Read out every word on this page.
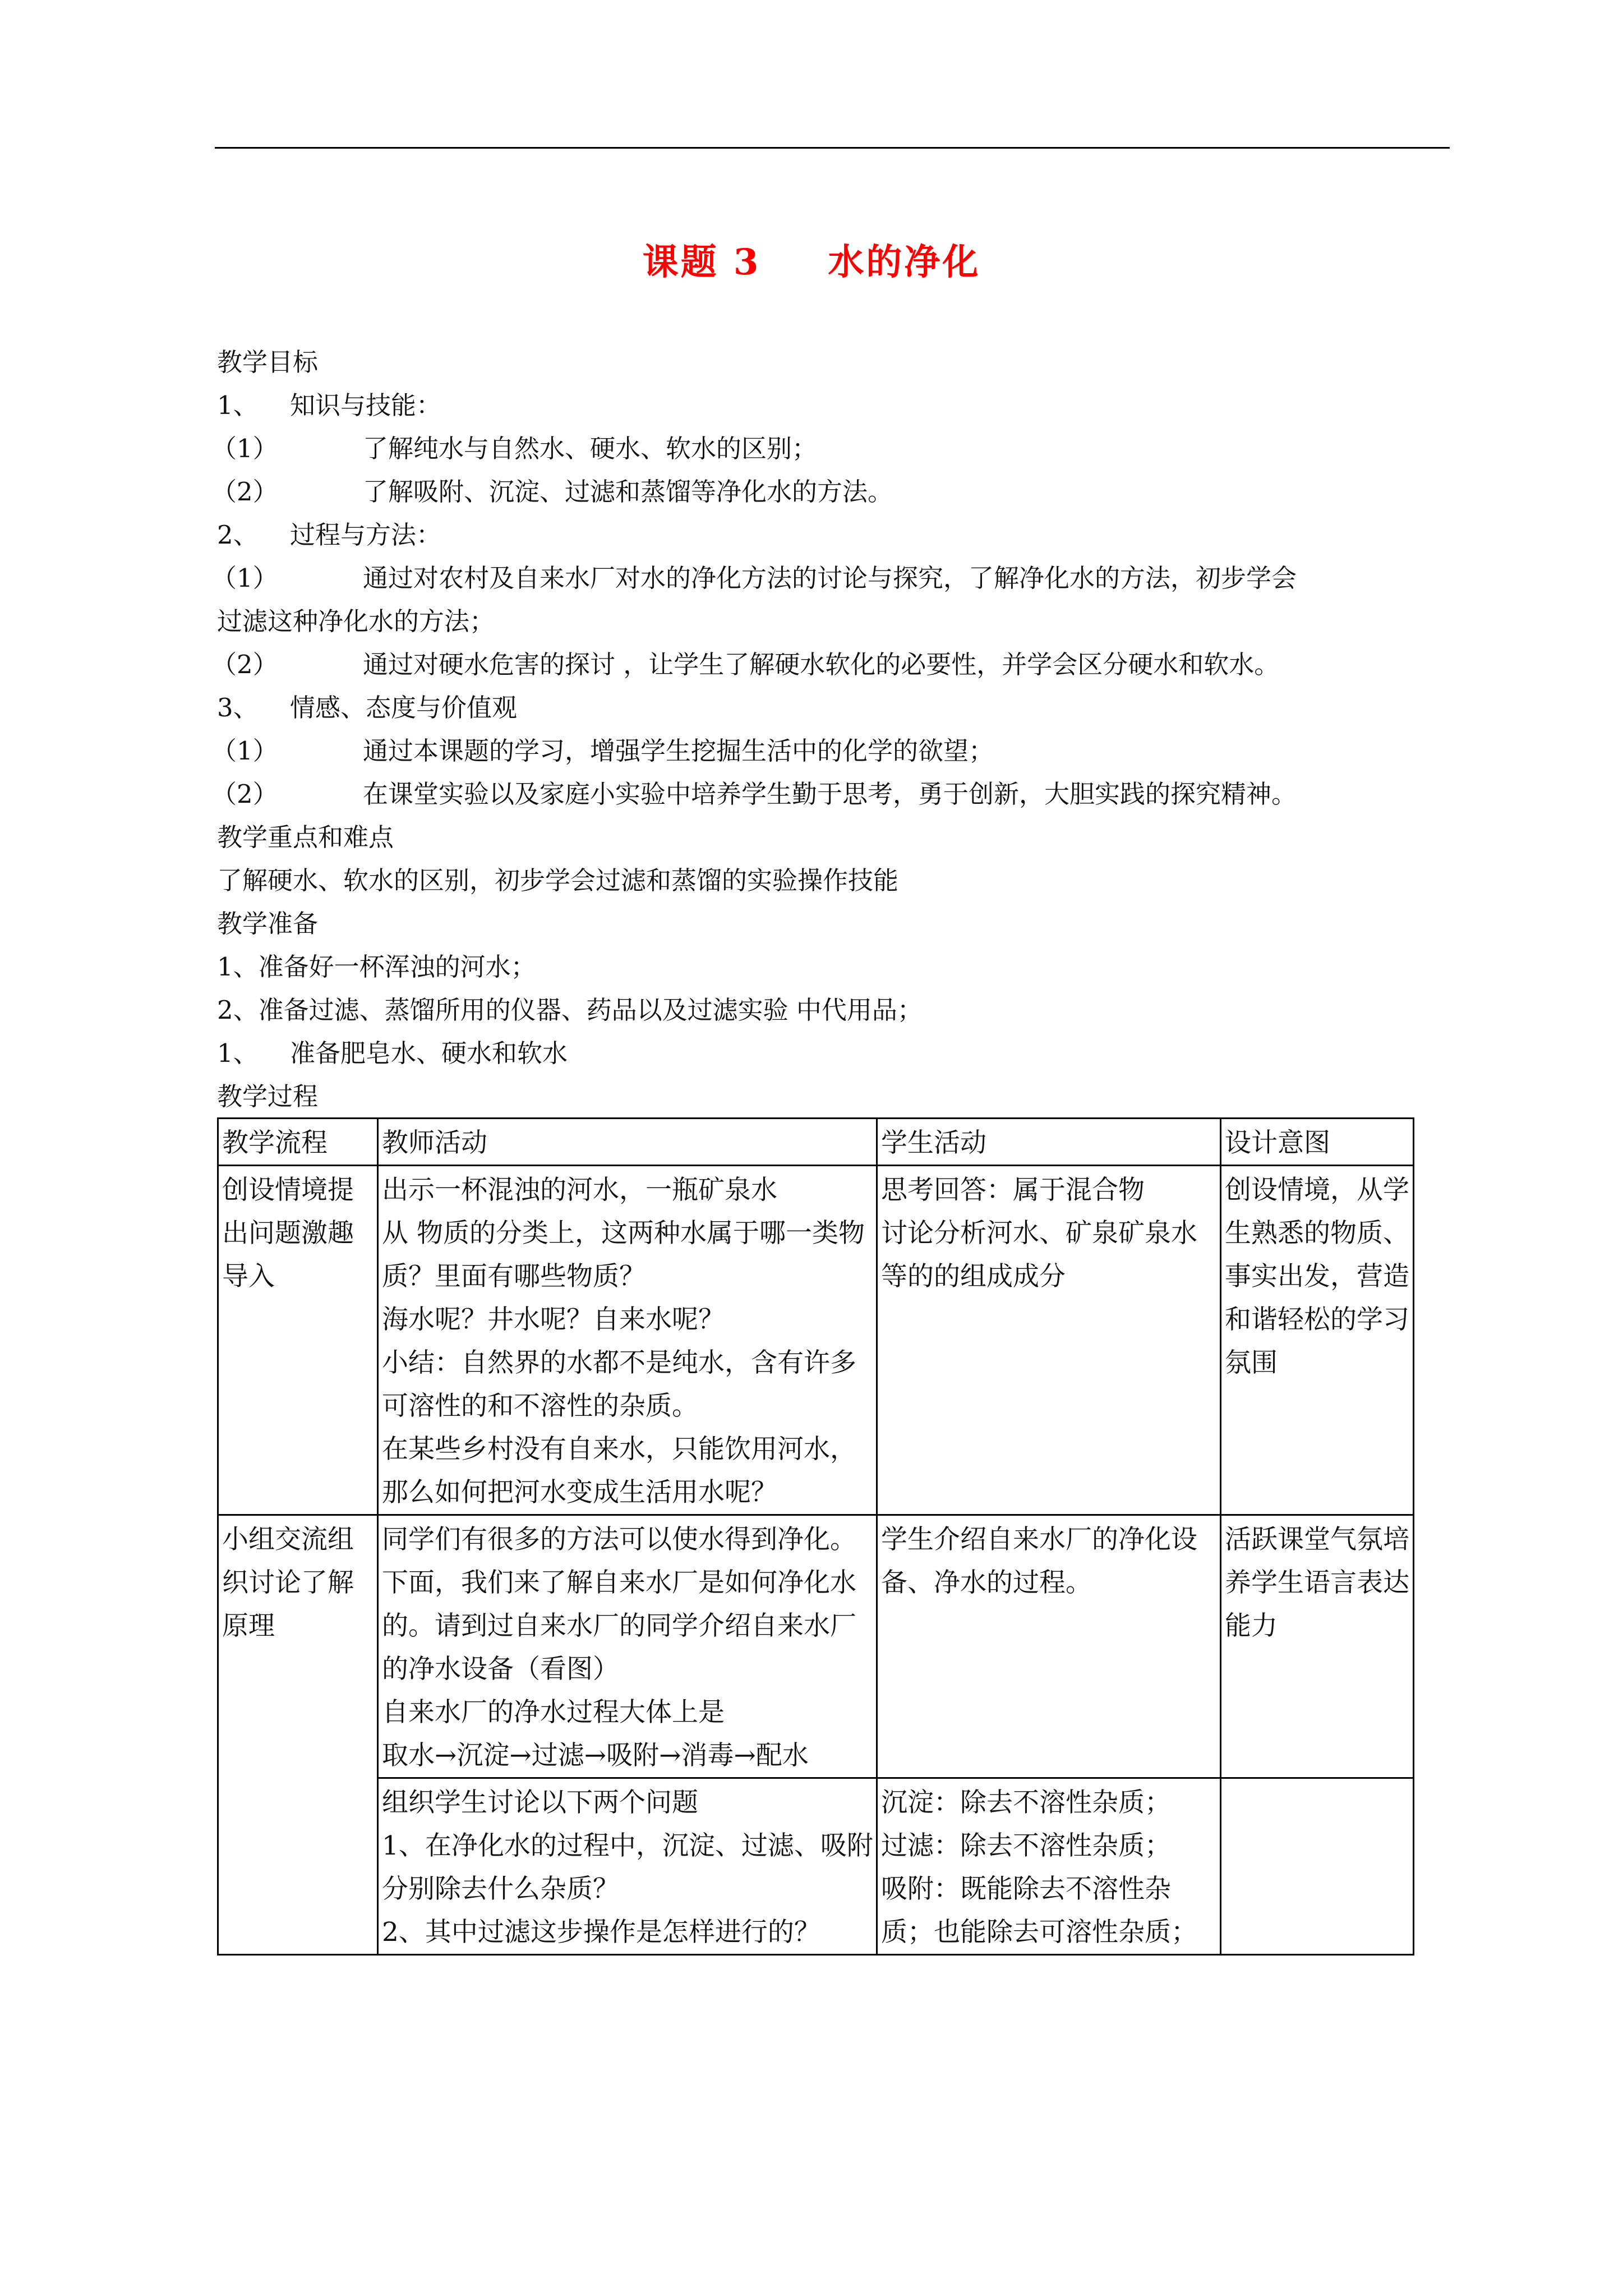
课题 3 水的净化
教学目标
1、 知识与技能：
（1）	了解纯水与自然水、硬水、软水的区别；
（2）	了解吸附、沉淀、过滤和蒸馏等净化水的方法。
2、 过程与方法：
（1）	通过对农村及自来水厂对水的净化方法的讨论与探究，了解净化水的方法，初步学会
过滤这种净化水的方法；
（2）	通过对硬水危害的探讨 ，让学生了解硬水软化的必要性，并学会区分硬水和软水。
3、 情感、态度与价值观
（1）	通过本课题的学习，增强学生挖掘生活中的化学的欲望；
（2）	在课堂实验以及家庭小实验中培养学生勤于思考，勇于创新，大胆实践的探究精神。
教学重点和难点
了解硬水、软水的区别，初步学会过滤和蒸馏的实验操作技能
教学准备
1、准备好一杯浑浊的河水；
2、准备过滤、蒸馏所用的仪器、药品以及过滤实验 中代用品；
1、 准备肥皂水、硬水和软水
教学过程
教学流程	教师活动	学生活动	设计意图
创设情境提出问题激趣导入	出示一杯混浊的河水，一瓶矿泉水
从 物质的分类上，这两种水属于哪一类物质？里面有哪些物质？
海水呢？井水呢？自来水呢？
小结：自然界的水都不是纯水，含有许多可溶性的和不溶性的杂质。
在某些乡村没有自来水，只能饮用河水，那么如何把河水变成生活用水呢？	思考回答：属于混合物
讨论分析河水、矿泉矿泉水等的的组成成分	创设情境，从学生熟悉的物质、事实出发，营造和谐轻松的学习氛围
小组交流组织讨论了解原理	同学们有很多的方法可以使水得到净化。下面，我们来了解自来水厂是如何净化水的。请到过自来水厂的同学介绍自来水厂的净水设备（看图）
自来水厂的净水过程大体上是
取水→沉淀→过滤→吸附→消毒→配水	学生介绍自来水厂的净化设备、净水的过程。	活跃课堂气氛培养学生语言表达能力

	组织学生讨论以下两个问题
1、在净化水的过程中，沉淀、过滤、吸附分别除去什么杂质？
2、其中过滤这步操作是怎样进行的？	沉淀：除去不溶性杂质；
过滤：除去不溶性杂质；
吸附：既能除去不溶性杂质；也能除去可溶性杂质；	
